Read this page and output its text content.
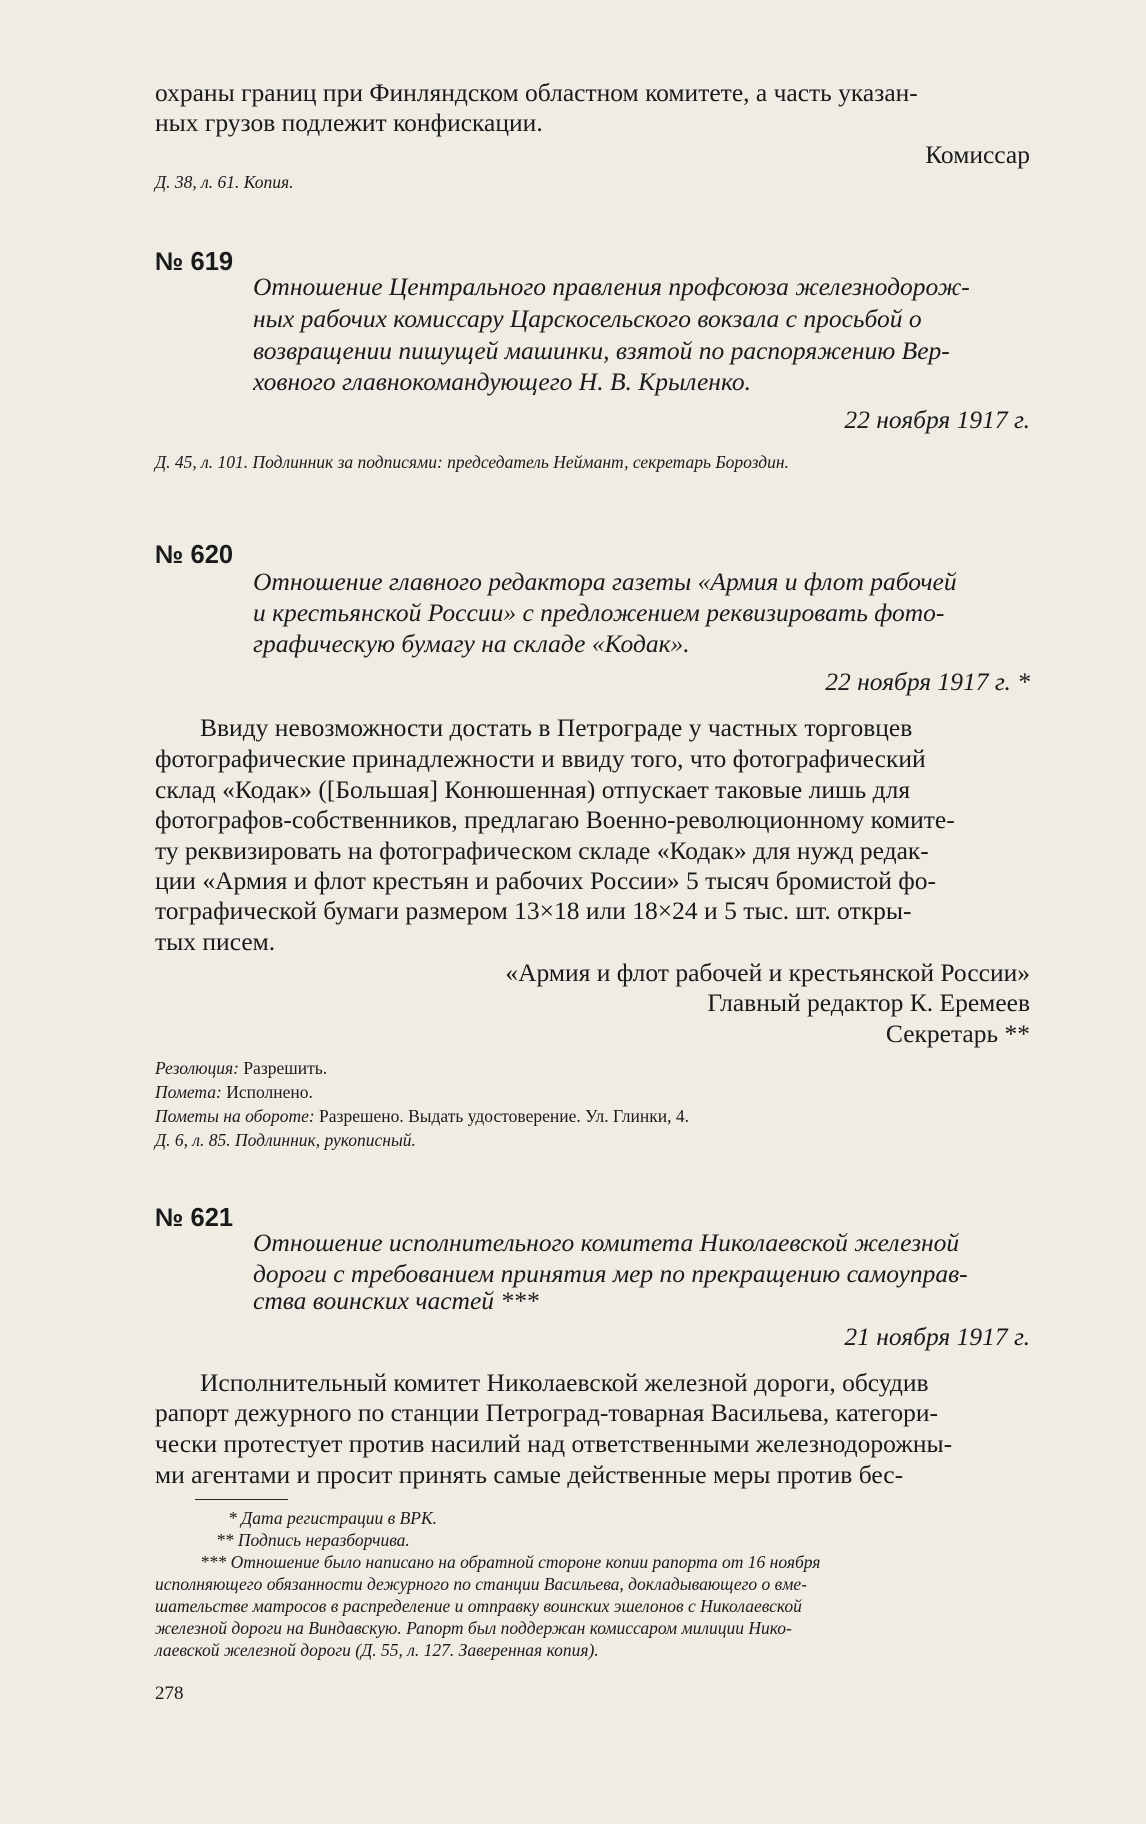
охраны границ при Финляндском областном комитете, а часть указан-

ных грузов подлежит конфискации.

Комиссар

Д. 38, л. 61. Копия.

№ 619

Отношение Центрального правления профсоюза железнодорож-

ных рабочих комиссару Царскосельского вокзала с просьбой о

возвращении пишущей машинки, взятой по распоряжению Вер-

ховного главнокомандующего Н. В. Крыленко.

22 ноября 1917 г.

Д. 45, л. 101. Подлинник за подписями: председатель Неймант, секретарь Бороздин.

№ 620

Отношение главного редактора газеты «Армия и флот рабочей

и крестьянской России» с предложением реквизировать фото-

графическую бумагу на складе «Кодак».

22 ноября 1917 г. *

Ввиду невозможности достать в Петрограде у частных торговцев

фотографические принадлежности и ввиду того, что фотографический

склад «Кодак» ([Большая] Конюшенная) отпускает таковые лишь для

фотографов-собственников, предлагаю Военно-революционному комите-

ту реквизировать на фотографическом складе «Кодак» для нужд редак-

ции «Армия и флот крестьян и рабочих России» 5 тысяч бромистой фо-

тографической бумаги размером 13×18 или 18×24 и 5 тыс. шт. откры-

тых писем.

«Армия и флот рабочей и крестьянской России»

Главный редактор К. Еремеев

Секретарь **

Резолюция: Разрешить.

Помета: Исполнено.

Пометы на обороте: Разрешено. Выдать удостоверение. Ул. Глинки, 4.

Д. 6, л. 85. Подлинник, рукописный.

№ 621

Отношение исполнительного комитета Николаевской железной

дороги с требованием принятия мер по прекращению самоуправ-

ства воинских частей ***

21 ноября 1917 г.

Исполнительный комитет Николаевской железной дороги, обсудив

рапорт дежурного по станции Петроград-товарная Васильева, категори-

чески протестует против насилий над ответственными железнодорожны-

ми агентами и просит принять самые действенные меры против бес-

* Дата регистрации в ВРК.

** Подпись неразборчива.

*** Отношение было написано на обратной стороне копии рапорта от 16 ноября

исполняющего обязанности дежурного по станции Васильева, докладывающего о вме-

шательстве матросов в распределение и отправку воинских эшелонов с Николаевской

железной дороги на Виндавскую. Рапорт был поддержан комиссаром милиции Нико-

лаевской железной дороги (Д. 55, л. 127. Заверенная копия).

278
